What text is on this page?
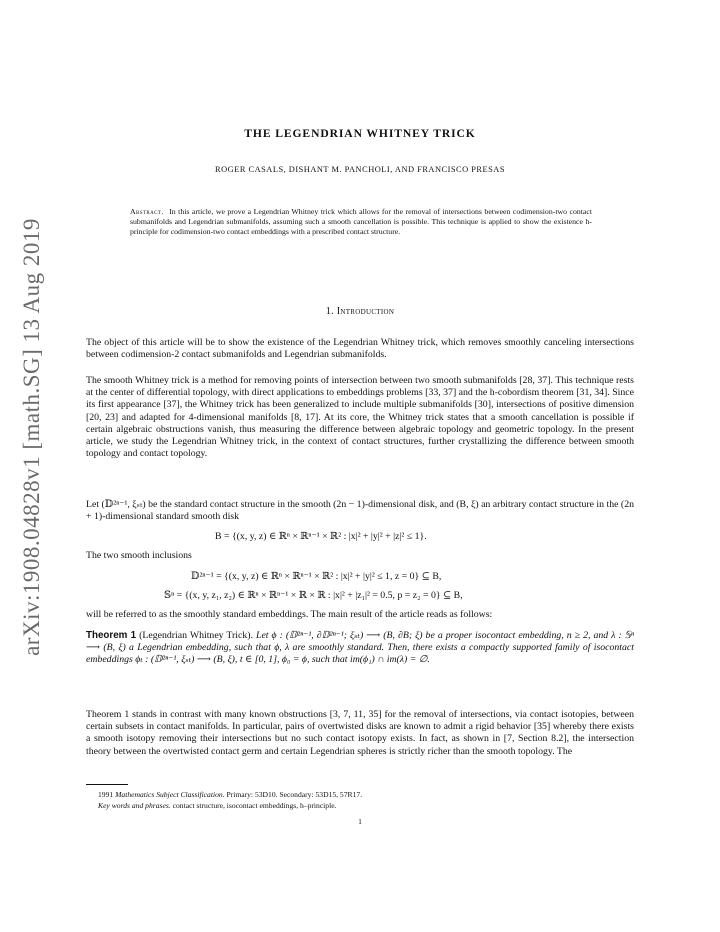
arXiv:1908.04828v1 [math.SG] 13 Aug 2019
THE LEGENDRIAN WHITNEY TRICK
ROGER CASALS, DISHANT M. PANCHOLI, AND FRANCISCO PRESAS
Abstract. In this article, we prove a Legendrian Whitney trick which allows for the removal of intersections between codimension-two contact submanifolds and Legendrian submanifolds, assuming such a smooth cancellation is possible. This technique is applied to show the existence h-principle for codimension-two contact embeddings with a prescribed contact structure.
1. Introduction

The object of this article will be to show the existence of the Legendrian Whitney trick, which removes smoothly canceling intersections between codimension-2 contact submanifolds and Legendrian submanifolds.

The smooth Whitney trick is a method for removing points of intersection between two smooth submanifolds [28, 37]. This technique rests at the center of differential topology, with direct applications to embeddings problems [33, 37] and the h-cobordism theorem [31, 34]. Since its first appearance [37], the Whitney trick has been generalized to include multiple submanifolds [30], intersections of positive dimension [20, 23] and adapted for 4-dimensional manifolds [8, 17]. At its core, the Whitney trick states that a smooth cancellation is possible if certain algebraic obstructions vanish, thus measuring the difference between algebraic topology and geometric topology. In the present article, we study the Legendrian Whitney trick, in the context of contact structures, further crystallizing the difference between smooth topology and contact topology.

Let (𝔻²ⁿ⁻¹, ξₛₜ) be the standard contact structure in the smooth (2n − 1)-dimensional disk, and (B, ξ) an arbitrary contact structure in the (2n + 1)-dimensional standard smooth disk

B = {(x, y, z) ∈ ℝⁿ × ℝⁿ⁻¹ × ℝ² : |x|² + |y|² + |z|² ≤ 1}.

The two smooth inclusions

𝔻²ⁿ⁻¹ = {(x, y, z) ∈ ℝⁿ × ℝⁿ⁻¹ × ℝ² : |x|² + |y|² ≤ 1, z = 0} ⊆ B,
𝕊ⁿ = {(x, y, z₁, z₂) ∈ ℝⁿ × ℝⁿ⁻¹ × ℝ × ℝ : |x|² + |z₁|² = 0.5, p = z₂ = 0} ⊆ B,

will be referred to as the smoothly standard embeddings. The main result of the article reads as follows:

Theorem 1 (Legendrian Whitney Trick). Let ϕ : (𝔻²ⁿ⁻¹, ∂𝔻²ⁿ⁻¹; ξₛₜ) ⟶ (B, ∂B; ξ) be a proper isocontact embedding, n ≥ 2, and λ : 𝕊ⁿ ⟶ (B, ξ) a Legendrian embedding, such that ϕ, λ are smoothly standard. Then, there exists a compactly supported family of isocontact embeddings ϕₜ : (𝔻²ⁿ⁻¹, ξₛₜ) ⟶ (B, ξ), t ∈ [0, 1], ϕ₀ = ϕ, such that im(ϕ₁) ∩ im(λ) = ∅.

Theorem 1 stands in contrast with many known obstructions [3, 7, 11, 35] for the removal of intersections, via contact isotopies, between certain subsets in contact manifolds. In particular, pairs of overtwisted disks are known to admit a rigid behavior [35] whereby there exists a smooth isotopy removing their intersections but no such contact isotopy exists. In fact, as shown in [7, Section 8.2], the intersection theory between the overtwisted contact germ and certain Legendrian spheres is strictly richer than the smooth topology. The

1991 Mathematics Subject Classification. Primary: 53D10. Secondary: 53D15, 57R17.
Key words and phrases. contact structure, isocontact embeddings, h–principle.
1
